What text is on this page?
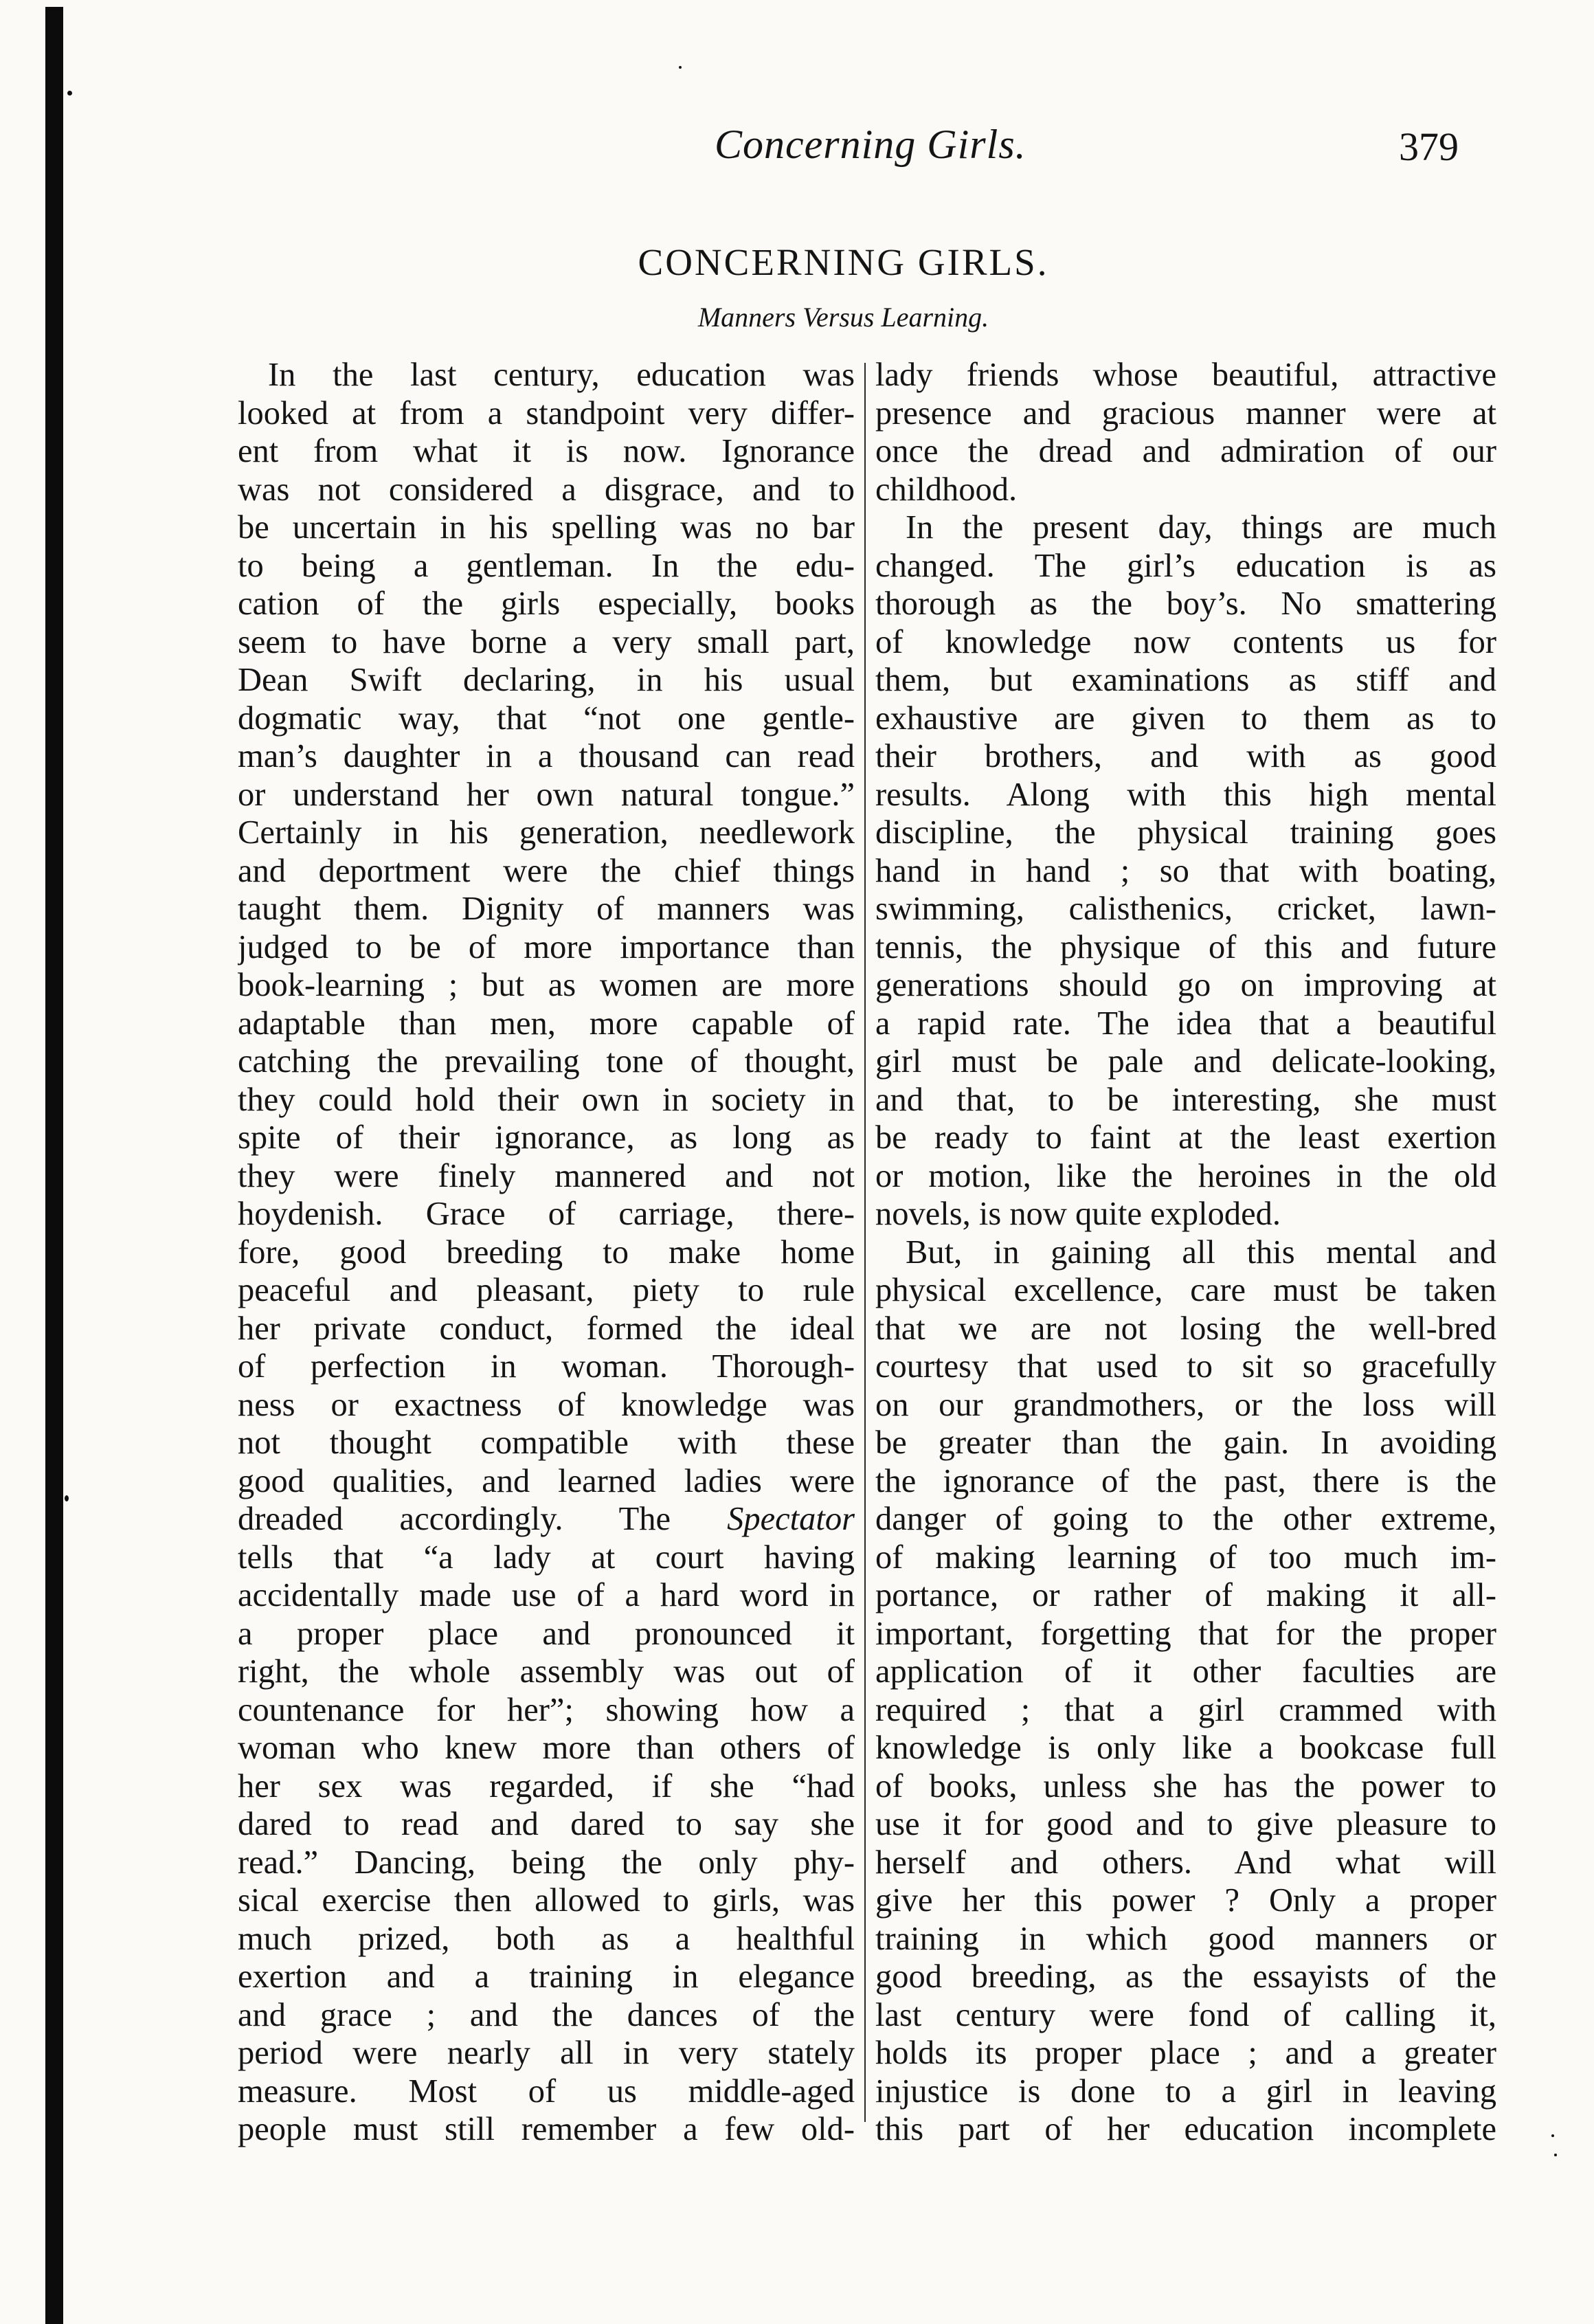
Concerning Girls.	379
CONCERNING GIRLS.
Manners Versus Learning.
In the last century, education was
looked at from a standpoint very differ-
ent from what it is now. Ignorance
was not considered a disgrace, and to
be uncertain in his spelling was no bar
to being a gentleman. In the edu-
cation of the girls especially, books
seem to have borne a very small part,
Dean Swift declaring, in his usual
dogmatic way, that “not one gentle-
man’s daughter in a thousand can read
or understand her own natural tongue.”
Certainly in his generation, needlework
and deportment were the chief things
taught them. Dignity of manners was
judged to be of more importance than
book-learning ; but as women are more
adaptable than men, more capable of
catching the prevailing tone of thought,
they could hold their own in society in
spite of their ignorance, as long as
they were finely mannered and not
hoydenish. Grace of carriage, there-
fore, good breeding to make home
peaceful and pleasant, piety to rule
her private conduct, formed the ideal
of perfection in woman. Thorough-
ness or exactness of knowledge was
not thought compatible with these
good qualities, and learned ladies were
dreaded accordingly. The Spectator
tells that “a lady at court having
accidentally made use of a hard word in
a proper place and pronounced it
right, the whole assembly was out of
countenance for her”; showing how a
woman who knew more than others of
her sex was regarded, if she “had
dared to read and dared to say she
read.” Dancing, being the only phy-
sical exercise then allowed to girls, was
much prized, both as a healthful
exertion and a training in elegance
and grace ; and the dances of the
period were nearly all in very stately
measure. Most of us middle-aged
people must still remember a few old-
lady friends whose beautiful, attractive
presence and gracious manner were at
once the dread and admiration of our
childhood.
In the present day, things are much
changed. The girl’s education is as
thorough as the boy’s. No smattering
of knowledge now contents us for
them, but examinations as stiff and
exhaustive are given to them as to
their brothers, and with as good
results. Along with this high mental
discipline, the physical training goes
hand in hand ; so that with boating,
swimming, calisthenics, cricket, lawn-
tennis, the physique of this and future
generations should go on improving at
a rapid rate. The idea that a beautiful
girl must be pale and delicate-looking,
and that, to be interesting, she must
be ready to faint at the least exertion
or motion, like the heroines in the old
novels, is now quite exploded.
But, in gaining all this mental and
physical excellence, care must be taken
that we are not losing the well-bred
courtesy that used to sit so gracefully
on our grandmothers, or the loss will
be greater than the gain. In avoiding
the ignorance of the past, there is the
danger of going to the other extreme,
of making learning of too much im-
portance, or rather of making it all-
important, forgetting that for the proper
application of it other faculties are
required ; that a girl crammed with
knowledge is only like a bookcase full
of books, unless she has the power to
use it for good and to give pleasure to
herself and others. And what will
give her this power ? Only a proper
training in which good manners or
good breeding, as the essayists of the
last century were fond of calling it,
holds its proper place ; and a greater
injustice is done to a girl in leaving
this part of her education incomplete
